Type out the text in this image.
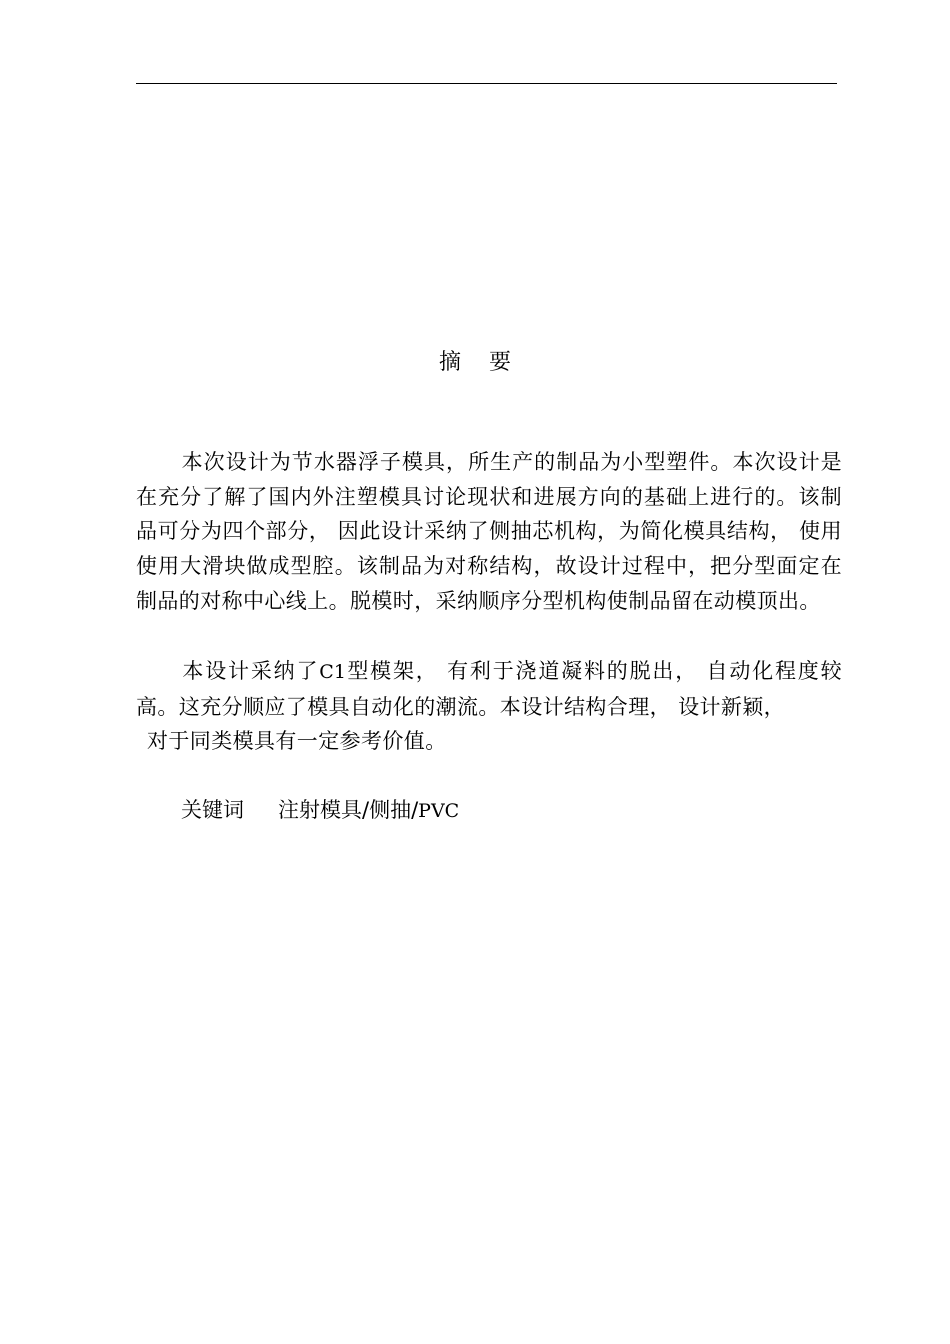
摘 要
本次设计为节水器浮子模具，所生产的制品为小型塑件。本次设计是在充分了解了国内外注塑模具讨论现状和进展方向的基础上进行的。该制品可分为四个部分， 因此设计采纳了侧抽芯机构，为简化模具结构， 使用使用大滑块做成型腔。该制品为对称结构，故设计过程中，把分型面定在制品的对称中心线上。脱模时，采纳顺序分型机构使制品留在动模顶出。
本设计采纳了C1型模架， 有利于浇道凝料的脱出， 自动化程度较高。这充分顺应了模具自动化的潮流。本设计结构合理， 设计新颖，
对于同类模具有一定参考价值。
关键词 注射模具/侧抽/PVC
